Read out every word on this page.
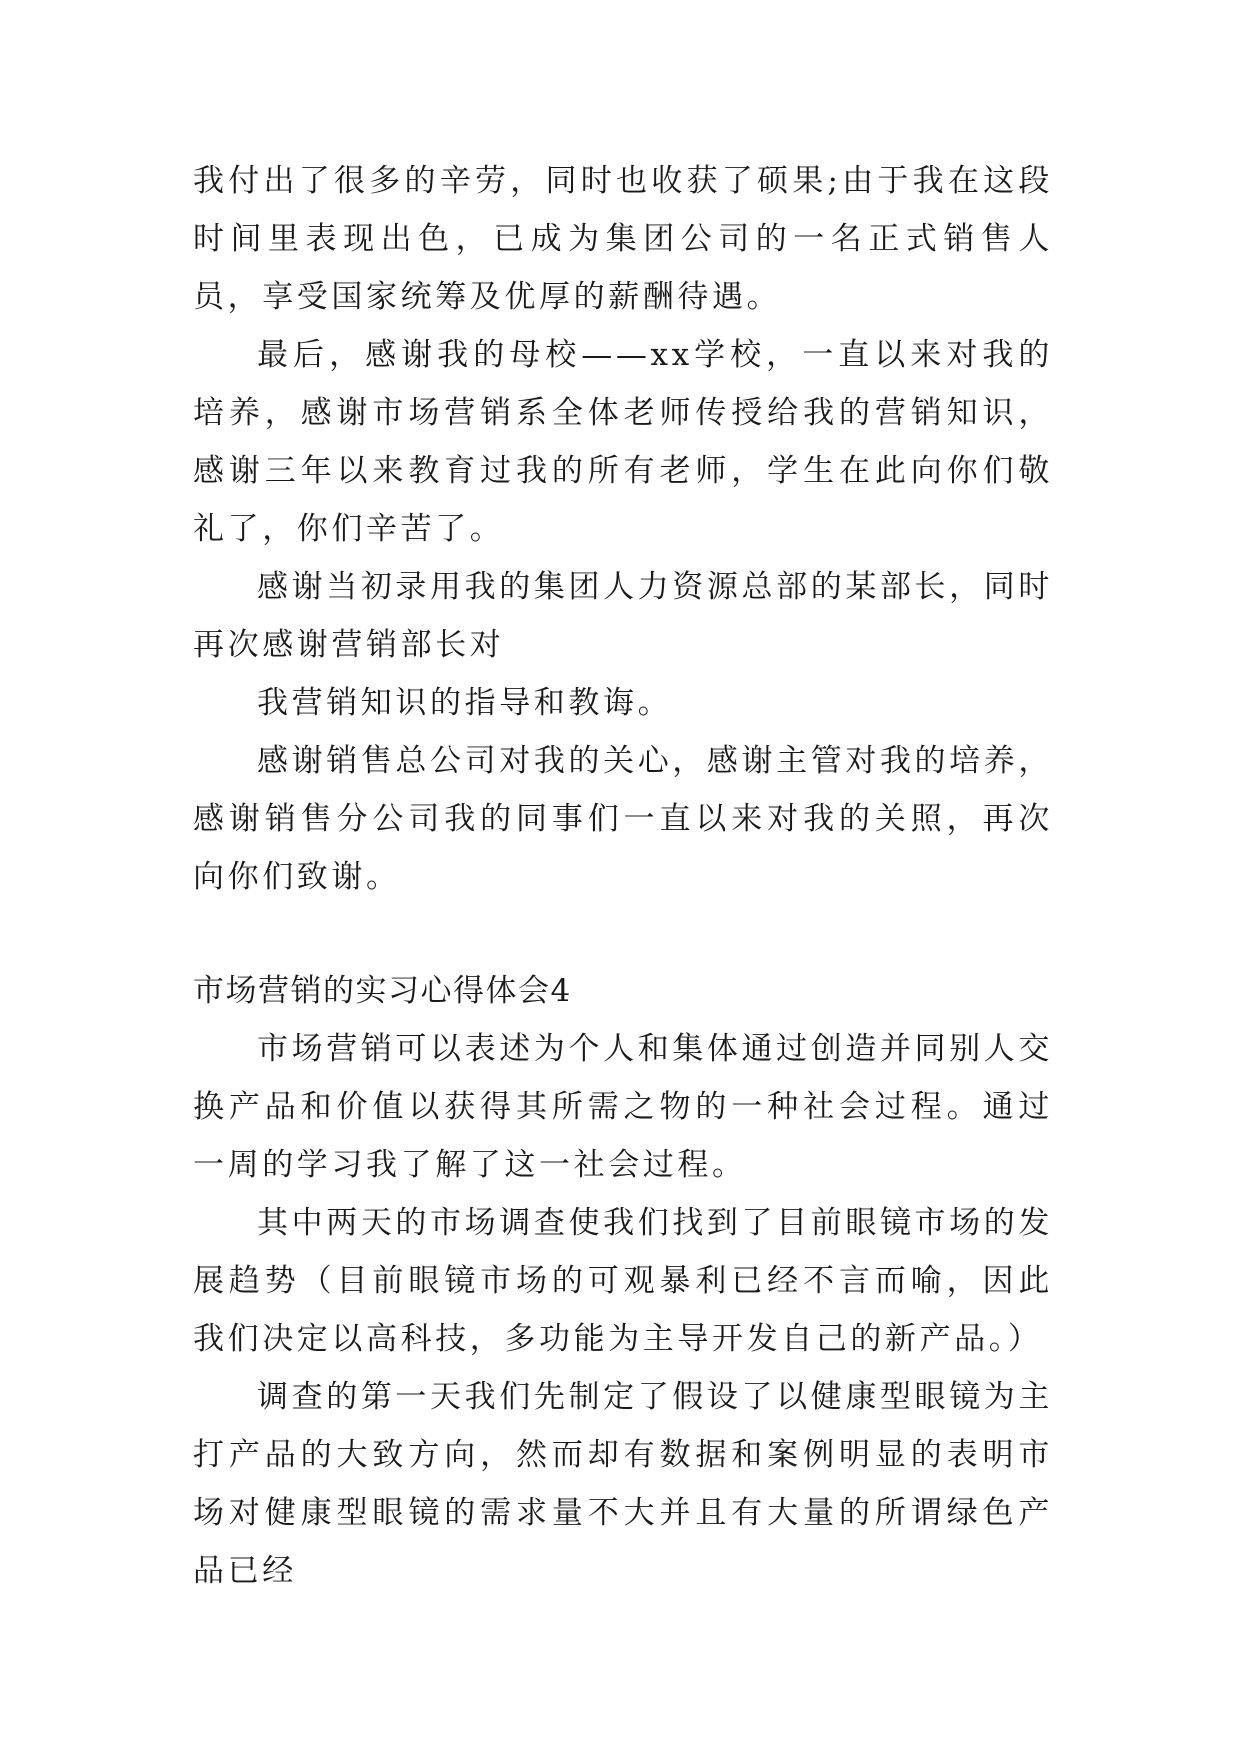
我付出了很多的辛劳，同时也收获了硕果;由于我在这段时间里表现出色，已成为集团公司的一名正式销售人员，享受国家统筹及优厚的薪酬待遇。

最后，感谢我的母校——xx学校，一直以来对我的培养，感谢市场营销系全体老师传授给我的营销知识，感谢三年以来教育过我的所有老师，学生在此向你们敬礼了，你们辛苦了。

感谢当初录用我的集团人力资源总部的某部长，同时再次感谢营销部长对

我营销知识的指导和教诲。

感谢销售总公司对我的关心，感谢主管对我的培养，感谢销售分公司我的同事们一直以来对我的关照，再次向你们致谢。

市场营销的实习心得体会4

市场营销可以表述为个人和集体通过创造并同别人交换产品和价值以获得其所需之物的一种社会过程。通过一周的学习我了解了这一社会过程。

其中两天的市场调查使我们找到了目前眼镜市场的发展趋势（目前眼镜市场的可观暴利已经不言而喻，因此我们决定以高科技，多功能为主导开发自己的新产品。）

调查的第一天我们先制定了假设了以健康型眼镜为主打产品的大致方向，然而却有数据和案例明显的表明市场对健康型眼镜的需求量不大并且有大量的所谓绿色产品已经
